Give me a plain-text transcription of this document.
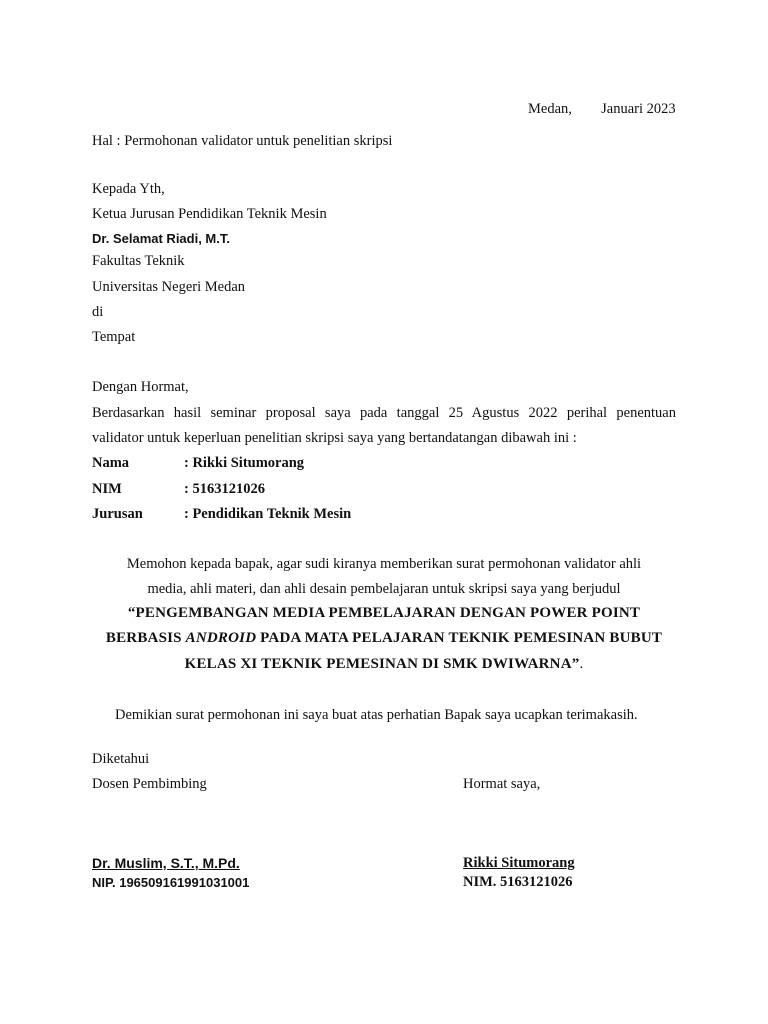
Medan, Januari 2023
Hal : Permohonan validator untuk penelitian skripsi
Kepada Yth,
Ketua Jurusan Pendidikan Teknik Mesin
Dr. Selamat Riadi, M.T.
Fakultas Teknik
Universitas Negeri Medan
di
Tempat
Dengan Hormat,
Berdasarkan hasil seminar proposal saya pada tanggal 25 Agustus 2022 perihal penentuan
validator untuk keperluan penelitian skripsi saya yang bertandatangan dibawah ini :
Nama	: Rikki Situmorang
NIM	: 5163121026
Jurusan	: Pendidikan Teknik Mesin
Memohon kepada bapak, agar sudi kiranya memberikan surat permohonan validator ahli
media, ahli materi, dan ahli desain pembelajaran untuk skripsi saya yang berjudul
“PENGEMBANGAN MEDIA PEMBELAJARAN DENGAN POWER POINT
BERBASIS ANDROID PADA MATA PELAJARAN TEKNIK PEMESINAN BUBUT
KELAS XI TEKNIK PEMESINAN DI SMK DWIWARNA”.
Demikian surat permohonan ini saya buat atas perhatian Bapak saya ucapkan terimakasih.
Diketahui
Dosen Pembimbing	Hormat saya,
Dr. Muslim, S.T., M.Pd.
NIP. 196509161991031001
Rikki Situmorang
NIM. 5163121026
